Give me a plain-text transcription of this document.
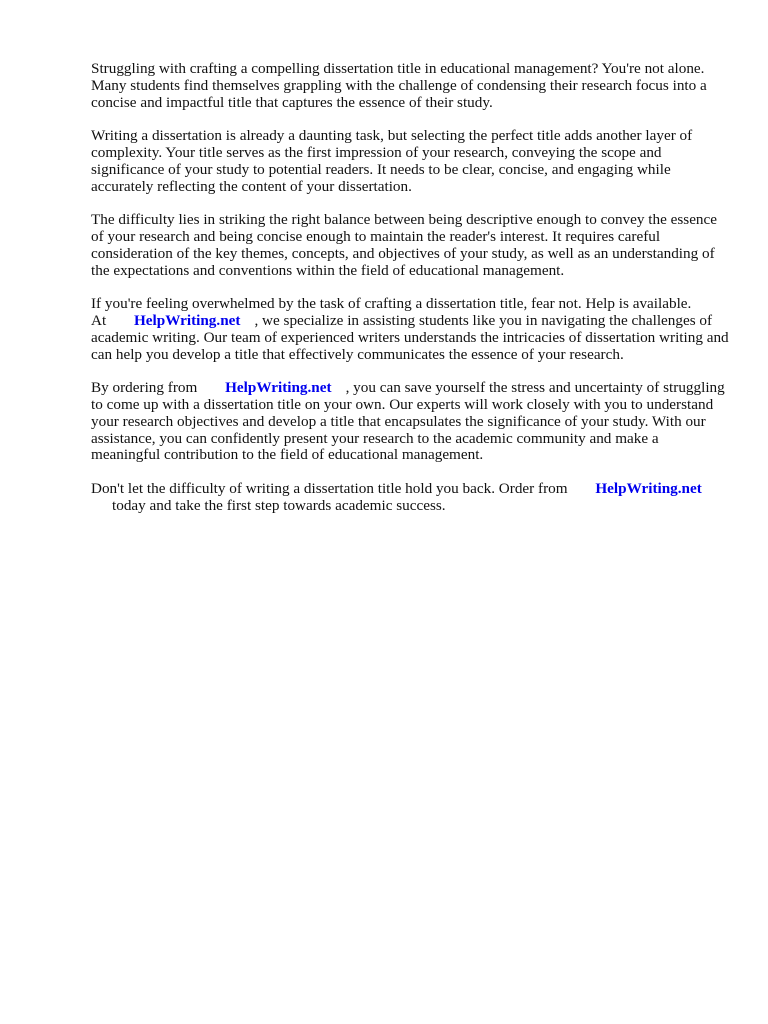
Struggling with crafting a compelling dissertation title in educational management? You're not alone. Many students find themselves grappling with the challenge of condensing their research focus into a concise and impactful title that captures the essence of their study.

Writing a dissertation is already a daunting task, but selecting the perfect title adds another layer of complexity. Your title serves as the first impression of your research, conveying the scope and significance of your study to potential readers. It needs to be clear, concise, and engaging while accurately reflecting the content of your dissertation.

The difficulty lies in striking the right balance between being descriptive enough to convey the essence of your research and being concise enough to maintain the reader's interest. It requires careful consideration of the key themes, concepts, and objectives of your study, as well as an understanding of the expectations and conventions within the field of educational management.

If you're feeling overwhelmed by the task of crafting a dissertation title, fear not. Help is available.
At HelpWriting.net , we specialize in assisting students like you in navigating the challenges of academic writing. Our team of experienced writers understands the intricacies of dissertation writing and can help you develop a title that effectively communicates the essence of your research.

By ordering from HelpWriting.net , you can save yourself the stress and uncertainty of struggling to come up with a dissertation title on your own. Our experts will work closely with you to understand your research objectives and develop a title that encapsulates the significance of your study. With our assistance, you can confidently present your research to the academic community and make a meaningful contribution to the field of educational management.

Don't let the difficulty of writing a dissertation title hold you back. Order from HelpWriting.net
today and take the first step towards academic success.
